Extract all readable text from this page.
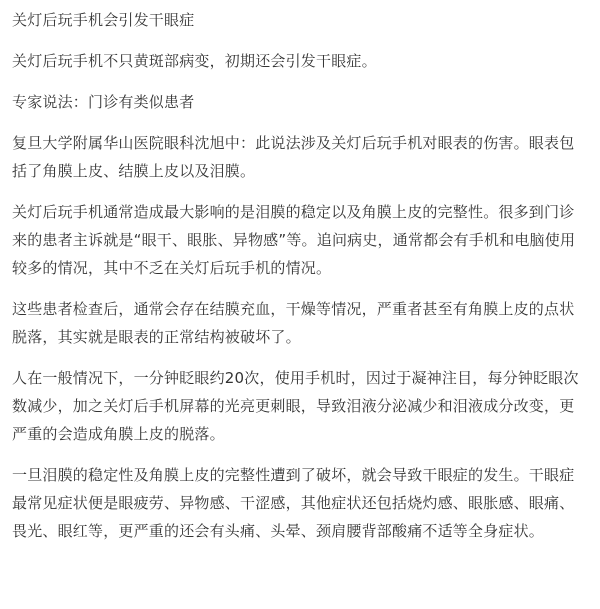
关灯后玩手机会引发干眼症

关灯后玩手机不只黄斑部病变，初期还会引发干眼症。

专家说法：门诊有类似患者

复旦大学附属华山医院眼科沈旭中：此说法涉及关灯后玩手机对眼表的伤害。眼表包括了角膜上皮、结膜上皮以及泪膜。

关灯后玩手机通常造成最大影响的是泪膜的稳定以及角膜上皮的完整性。很多到门诊来的患者主诉就是“眼干、眼胀、异物感”等。追问病史，通常都会有手机和电脑使用较多的情况，其中不乏在关灯后玩手机的情况。

这些患者检查后，通常会存在结膜充血，干燥等情况，严重者甚至有角膜上皮的点状脱落，其实就是眼表的正常结构被破坏了。

人在一般情况下，一分钟眨眼约20次，使用手机时，因过于凝神注目，每分钟眨眼次数减少，加之关灯后手机屏幕的光亮更刺眼，导致泪液分泌减少和泪液成分改变，更严重的会造成角膜上皮的脱落。

一旦泪膜的稳定性及角膜上皮的完整性遭到了破坏，就会导致干眼症的发生。干眼症最常见症状便是眼疲劳、异物感、干涩感，其他症状还包括烧灼感、眼胀感、眼痛、畏光、眼红等，更严重的还会有头痛、头晕、颈肩腰背部酸痛不适等全身症状。
